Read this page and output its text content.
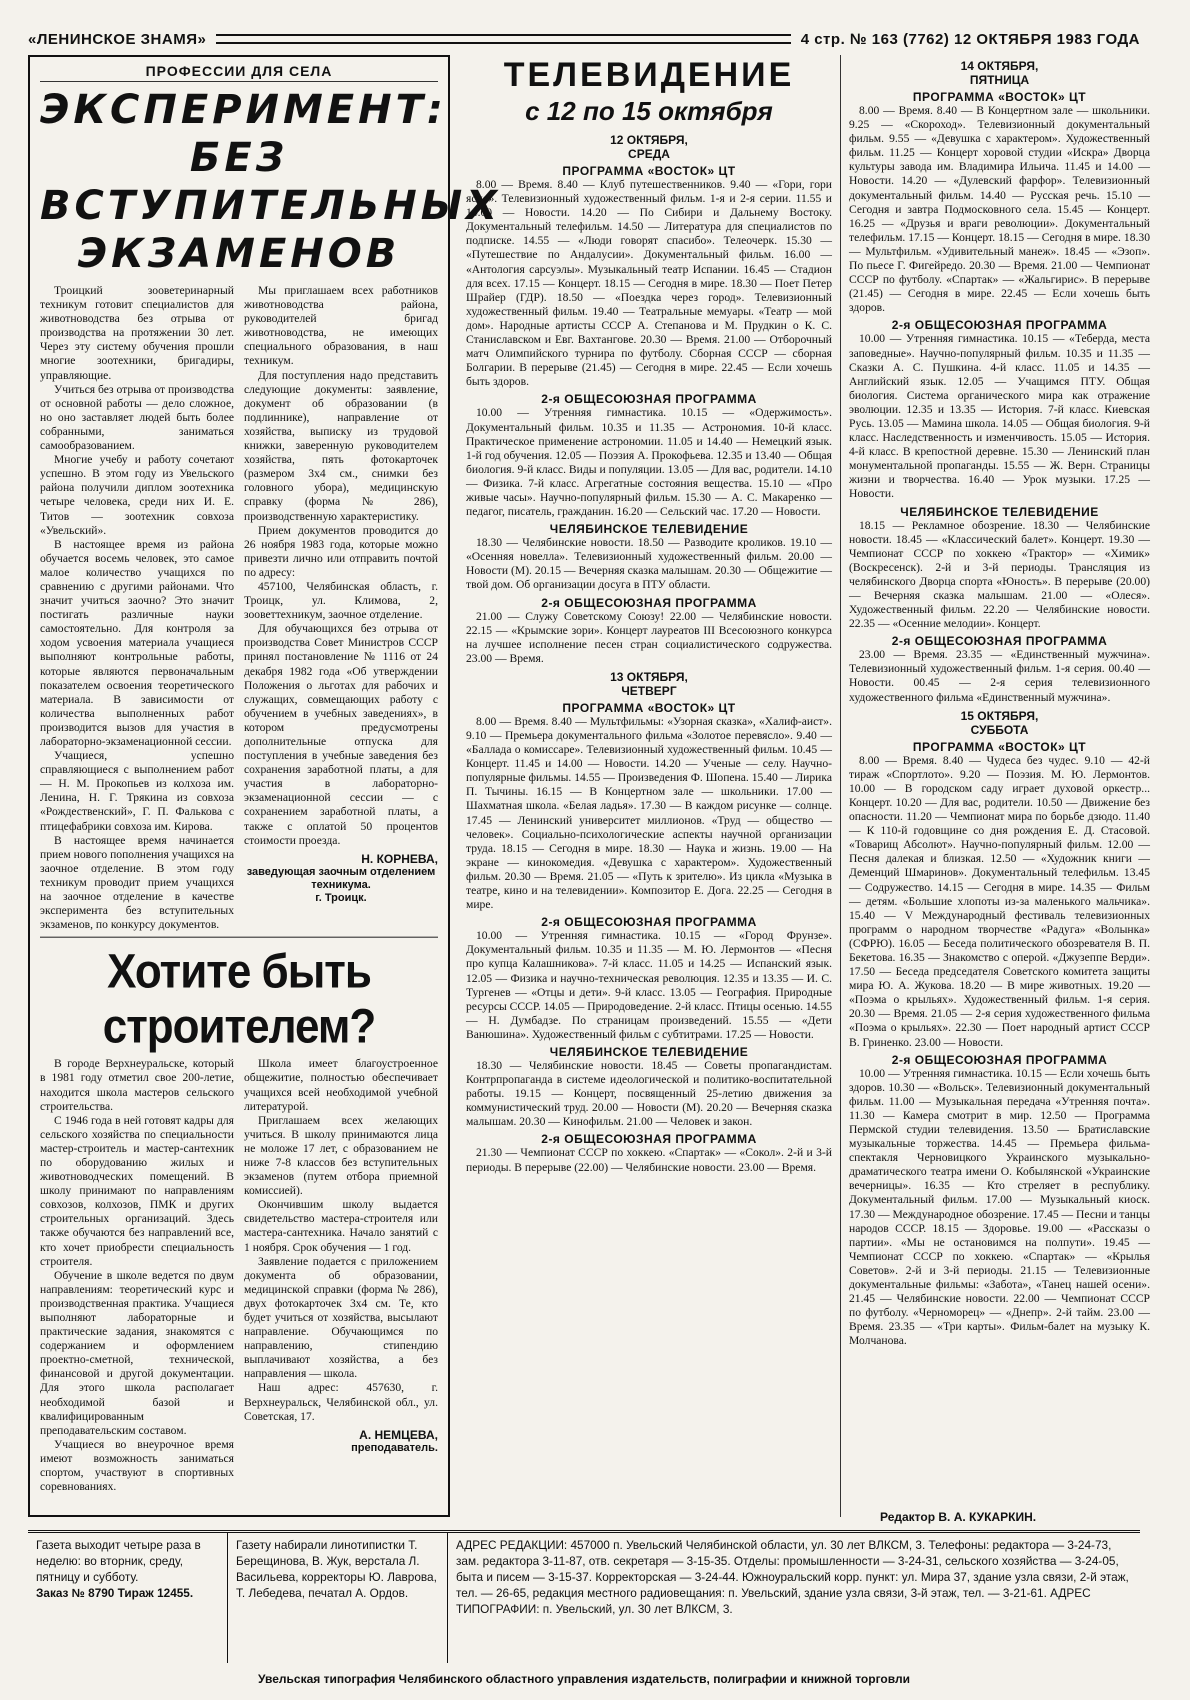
«ЛЕНИНСКОЕ ЗНАМЯ»	4 стр. № 163 (7762) 12 ОКТЯБРЯ 1983 ГОДА
ПРОФЕССИИ ДЛЯ СЕЛА
ЭКСПЕРИМЕНТ:
БЕЗ ВСТУПИТЕЛЬНЫХ
ЭКЗАМЕНОВ

Троицкий зооветеринарный техникум готовит специалистов для животноводства без отрыва от производства на протяжении 30 лет. Через эту систему обучения прошли многие зоотехники, бригадиры, управляющие.

Учиться без отрыва от производства от основной работы — дело сложное, но оно заставляет людей быть более собранными, заниматься самообразованием.

Многие учебу и работу сочетают успешно. В этом году из Увельского района получили диплом зоотехника четыре человека, среди них И. Е. Титов — зоотехник совхоза «Увельский».

В настоящее время из района обучается восемь человек, это самое малое количество учащихся по сравнению с другими районами. Что значит учиться заочно? Это значит постигать различные науки самостоятельно. Для контроля за ходом усвоения материала учащиеся выполняют контрольные работы, которые являются первоначальным показателем освоения теоретического материала. В зависимости от количества выполненных работ производится вызов для участия в лабораторно-экзаменационной сессии.

Учащиеся, успешно справляющиеся с выполнением работ — Н. М. Прокопьев из колхоза им. Ленина, Н. Г. Трякина из совхоза «Рождественский», Г. П. Фалькова с птицефабрики совхоза им. Кирова.

В настоящее время начинается прием нового пополнения учащихся на заочное отделение. В этом году техникум проводит прием учащихся на заочное отделение в качестве эксперимента без вступительных экзаменов, по конкурсу документов.

Мы приглашаем всех работников животноводства района, руководителей бригад животноводства, не имеющих специального образования, в наш техникум.

Для поступления надо представить следующие документы: заявление, документ об образовании (в подлиннике), направление от хозяйства, выписку из трудовой книжки, заверенную руководителем хозяйства, пять фотокарточек (размером 3х4 см., снимки без головного убора), медицинскую справку (форма № 286), производственную характеристику.

Прием документов проводится до 26 ноября 1983 года, которые можно привезти лично или отправить почтой по адресу:

457100, Челябинская область, г. Троицк, ул. Климова, 2, зооветтехникум, заочное отделение.

Для обучающихся без отрыва от производства Совет Министров СССР принял постановление № 1116 от 24 декабря 1982 года «Об утверждении Положения о льготах для рабочих и служащих, совмещающих работу с обучением в учебных заведениях», в котором предусмотрены дополнительные отпуска для поступления в учебные заведения без сохранения заработной платы, а для участия в лабораторно-экзаменационной сессии — с сохранением заработной платы, а также с оплатой 50 процентов стоимости проезда.

Н. КОРНЕВА,
заведующая заочным отделением техникума.
г. Троицк.
Хотите быть строителем?

В городе Верхнеуральске, который в 1981 году отметил свое 200-летие, находится школа мастеров сельского строительства.

С 1946 года в ней готовят кадры для сельского хозяйства по специальности мастер-строитель и мастер-сантехник по оборудованию жилых и животноводческих помещений. В школу принимают по направлениям совхозов, колхозов, ПМК и других строительных организаций. Здесь также обучаются без направлений все, кто хочет приобрести специальность строителя.

Обучение в школе ведется по двум направлениям: теоретический курс и производственная практика. Учащиеся выполняют лабораторные и практические задания, знакомятся с содержанием и оформлением проектно-сметной, технической, финансовой и другой документации. Для этого школа располагает необходимой базой и квалифицированным преподавательским составом.

Учащиеся во внеурочное время имеют возможность заниматься спортом, участвуют в спортивных соревнованиях.

Школа имеет благоустроенное общежитие, полностью обеспечивает учащихся всей необходимой учебной литературой.

Приглашаем всех желающих учиться. В школу принимаются лица не моложе 17 лет, с образованием не ниже 7-8 классов без вступительных экзаменов (путем отбора приемной комиссией).

Окончившим школу выдается свидетельство мастера-строителя или мастера-сантехника. Начало занятий с 1 ноября. Срок обучения — 1 год.

Заявление подается с приложением документа об образовании, медицинской справки (форма № 286), двух фотокарточек 3х4 см. Те, кто будет учиться от хозяйства, высылают направление. Обучающимся по направлению, стипендию выплачивают хозяйства, а без направления — школа.

Наш адрес: 457630, г. Верхнеуральск, Челябинской обл., ул. Советская, 17.

А. НЕМЦЕВА,
преподаватель.
ТЕЛЕВИДЕНИЕ
с 12 по 15 октября
12 ОКТЯБРЯ,
СРЕДА
ПРОГРАММА «ВОСТОК» ЦТ

8.00 — Время. 8.40 — Клуб путешественников. 9.40 — «Гори, гори ясно». Телевизионный художественный фильм. 1-я и 2-я серии. 11.55 и 14.00 — Новости. 14.20 — По Сибири и Дальнему Востоку. Документальный телефильм. 14.50 — Литература для специалистов по подписке. 14.55 — «Люди говорят спасибо». Телеочерк. 15.30 — «Путешествие по Андалусии». Документальный фильм. 16.00 — «Антология сарсуэлы». Музыкальный театр Испании. 16.45 — Стадион для всех. 17.15 — Концерт. 18.15 — Сегодня в мире. 18.30 — Поет Петер Шрайер (ГДР). 18.50 — «Поездка через город». Телевизионный художественный фильм. 19.40 — Театральные мемуары. «Театр — мой дом». Народные артисты СССР А. Степанова и М. Прудкин о К. С. Станиславском и Евг. Вахтангове. 20.30 — Время. 21.00 — Отборочный матч Олимпийского турнира по футболу. Сборная СССР — сборная Болгарии. В перерыве (21.45) — Сегодня в мире. 22.45 — Если хочешь быть здоров.

2-я ОБЩЕСОЮЗНАЯ ПРОГРАММА

10.00 — Утренняя гимнастика. 10.15 — «Одержимость». Документальный фильм. 10.35 и 11.35 — Астрономия. 10-й класс. Практическое применение астрономии. 11.05 и 14.40 — Немецкий язык. 1-й год обучения. 12.05 — Поэзия А. Прокофьева. 12.35 и 13.40 — Общая биология. 9-й класс. Виды и популяции. 13.05 — Для вас, родители. 14.10 — Физика. 7-й класс. Агрегатные состояния вещества. 15.10 — «Про живые часы». Научно-популярный фильм. 15.30 — А. С. Макаренко — педагог, писатель, гражданин. 16.20 — Сельский час. 17.20 — Новости.

ЧЕЛЯБИНСКОЕ ТЕЛЕВИДЕНИЕ

18.30 — Челябинские новости. 18.50 — Разводите кроликов. 19.10 — «Осенняя новелла». Телевизионный художественный фильм. 20.00 — Новости (М). 20.15 — Вечерняя сказка малышам. 20.30 — Общежитие — твой дом. Об организации досуга в ПТУ области.

2-я ОБЩЕСОЮЗНАЯ ПРОГРАММА

21.00 — Служу Советскому Союзу! 22.00 — Челябинские новости. 22.15 — «Крымские зори». Концерт лауреатов III Всесоюзного конкурса на лучшее исполнение песен стран социалистического содружества. 23.00 — Время.

13 ОКТЯБРЯ,
ЧЕТВЕРГ
ПРОГРАММА «ВОСТОК» ЦТ

8.00 — Время. 8.40 — Мультфильмы: «Узорная сказка», «Халиф-аист». 9.10 — Премьера документального фильма «Золотое перевясло». 9.40 — «Баллада о комиссаре». Телевизионный художественный фильм. 10.45 — Концерт. 11.45 и 14.00 — Новости. 14.20 — Ученые — селу. Научно-популярные фильмы. 14.55 — Произведения Ф. Шопена. 15.40 — Лирика П. Тычины. 16.15 — В Концертном зале — школьники. 17.00 — Шахматная школа. «Белая ладья». 17.30 — В каждом рисунке — солнце. 17.45 — Ленинский университет миллионов. «Труд — общество — человек». Социально-психологические аспекты научной организации труда. 18.15 — Сегодня в мире. 18.30 — Наука и жизнь. 19.00 — На экране — кинокомедия. «Девушка с характером». Художественный фильм. 20.30 — Время. 21.05 — «Путь к зрителю». Из цикла «Музыка в театре, кино и на телевидении». Композитор Е. Дога. 22.25 — Сегодня в мире.

2-я ОБЩЕСОЮЗНАЯ ПРОГРАММА

10.00 — Утренняя гимнастика. 10.15 — «Город Фрунзе». Документальный фильм. 10.35 и 11.35 — М. Ю. Лермонтов — «Песня про купца Калашникова». 7-й класс. 11.05 и 14.25 — Испанский язык. 12.05 — Физика и научно-техническая революция. 12.35 и 13.35 — И. С. Тургенев — «Отцы и дети». 9-й класс. 13.05 — География. Природные ресурсы СССР. 14.05 — Природоведение. 2-й класс. Птицы осенью. 14.55 — Н. Думбадзе. По страницам произведений. 15.55 — «Дети Ванюшина». Художественный фильм с субтитрами. 17.25 — Новости.

ЧЕЛЯБИНСКОЕ ТЕЛЕВИДЕНИЕ

18.30 — Челябинские новости. 18.45 — Советы пропагандистам. Контрпропаганда в системе идеологической и политико-воспитательной работы. 19.15 — Концерт, посвященный 25-летию движения за коммунистический труд. 20.00 — Новости (М). 20.20 — Вечерняя сказка малышам. 20.30 — Кинофильм. 21.00 — Человек и закон.

2-я ОБЩЕСОЮЗНАЯ ПРОГРАММА

21.30 — Чемпионат СССР по хоккею. «Спартак» — «Сокол». 2-й и 3-й периоды. В перерыве (22.00) — Челябинские новости. 23.00 — Время.

14 ОКТЯБРЯ,
ПЯТНИЦА
ПРОГРАММА «ВОСТОК» ЦТ

8.00 — Время. 8.40 — В Концертном зале — школьники. 9.25 — «Скороход». Телевизионный документальный фильм. 9.55 — «Девушка с характером». Художественный фильм. 11.25 — Концерт хоровой студии «Искра» Дворца культуры завода им. Владимира Ильича. 11.45 и 14.00 — Новости. 14.20 — «Дулевский фарфор». Телевизионный документальный фильм. 14.40 — Русская речь. 15.10 — Сегодня и завтра Подмосковного села. 15.45 — Концерт. 16.25 — «Друзья и враги революции». Документальный телефильм. 17.15 — Концерт. 18.15 — Сегодня в мире. 18.30 — Мультфильм. «Удивительный манеж». 18.45 — «Эзоп». По пьесе Г. Фигейредо. 20.30 — Время. 21.00 — Чемпионат СССР по футболу. «Спартак» — «Жальгирис». В перерыве (21.45) — Сегодня в мире. 22.45 — Если хочешь быть здоров.

2-я ОБЩЕСОЮЗНАЯ ПРОГРАММА

10.00 — Утренняя гимнастика. 10.15 — «Теберда, места заповедные». Научно-популярный фильм. 10.35 и 11.35 — Сказки А. С. Пушкина. 4-й класс. 11.05 и 14.35 — Английский язык. 12.05 — Учащимся ПТУ. Общая биология. Система органического мира как отражение эволюции. 12.35 и 13.35 — История. 7-й класс. Киевская Русь. 13.05 — Мамина школа. 14.05 — Общая биология. 9-й класс. Наследственность и изменчивость. 15.05 — История. 4-й класс. В крепостной деревне. 15.30 — Ленинский план монументальной пропаганды. 15.55 — Ж. Верн. Страницы жизни и творчества. 16.40 — Урок музыки. 17.25 — Новости.

ЧЕЛЯБИНСКОЕ ТЕЛЕВИДЕНИЕ

18.15 — Рекламное обозрение. 18.30 — Челябинские новости. 18.45 — «Классический балет». Концерт. 19.30 — Чемпионат СССР по хоккею «Трактор» — «Химик» (Воскресенск). 2-й и 3-й периоды. Трансляция из челябинского Дворца спорта «Юность». В перерыве (20.00) — Вечерняя сказка малышам. 21.00 — «Олеся». Художественный фильм. 22.20 — Челябинские новости. 22.35 — «Осенние мелодии». Концерт.

2-я ОБЩЕСОЮЗНАЯ ПРОГРАММА

23.00 — Время. 23.35 — «Единственный мужчина». Телевизионный художественный фильм. 1-я серия. 00.40 — Новости. 00.45 — 2-я серия телевизионного художественного фильма «Единственный мужчина».

15 ОКТЯБРЯ,
СУББОТА
ПРОГРАММА «ВОСТОК» ЦТ

8.00 — Время. 8.40 — Чудеса без чудес. 9.10 — 42-й тираж «Спортлото». 9.20 — Поэзия. М. Ю. Лермонтов. 10.00 — В городском саду играет духовой оркестр... Концерт. 10.20 — Для вас, родители. 10.50 — Движение без опасности. 11.20 — Чемпионат мира по борьбе дзюдо. 11.40 — К 110-й годовщине со дня рождения Е. Д. Стасовой. «Товарищ Абсолют». Научно-популярный фильм. 12.00 — Песня далекая и близкая. 12.50 — «Художник книги — Деменций Шмаринов». Документальный телефильм. 13.45 — Содружество. 14.15 — Сегодня в мире. 14.35 — Фильм — детям. «Большие хлопоты из-за маленького мальчика». 15.40 — V Международный фестиваль телевизионных программ о народном творчестве «Радуга» «Волынка» (СФРЮ). 16.05 — Беседа политического обозревателя В. П. Бекетова. 16.35 — Знакомство с оперой. «Джузеппе Верди». 17.50 — Беседа председателя Советского комитета защиты мира Ю. А. Жукова. 18.20 — В мире животных. 19.20 — «Поэма о крыльях». Художественный фильм. 1-я серия. 20.30 — Время. 21.05 — 2-я серия художественного фильма «Поэма о крыльях». 22.30 — Поет народный артист СССР В. Гриненко. 23.00 — Новости.

2-я ОБЩЕСОЮЗНАЯ ПРОГРАММА

10.00 — Утренняя гимнастика. 10.15 — Если хочешь быть здоров. 10.30 — «Вольск». Телевизионный документальный фильм. 11.00 — Музыкальная передача «Утренняя почта». 11.30 — Камера смотрит в мир. 12.50 — Программа Пермской студии телевидения. 13.50 — Братиславские музыкальные торжества. 14.45 — Премьера фильма-спектакля Черновицкого Украинского музыкально-драматического театра имени О. Кобылянской «Украинские вечерницы». 16.35 — Кто стреляет в республику. Документальный фильм. 17.00 — Музыкальный киоск. 17.30 — Международное обозрение. 17.45 — Песни и танцы народов СССР. 18.15 — Здоровье. 19.00 — «Рассказы о партии». «Мы не остановимся на полпути». 19.45 — Чемпионат СССР по хоккею. «Спартак» — «Крылья Советов». 2-й и 3-й периоды. 21.15 — Телевизионные документальные фильмы: «Забота», «Танец нашей осени». 21.45 — Челябинские новости. 22.00 — Чемпионат СССР по футболу. «Черноморец» — «Днепр». 2-й тайм. 23.00 — Время. 23.35 — «Три карты». Фильм-балет на музыку К. Молчанова.

Редактор В. А. КУКАРКИН.
Газета выходит четыре раза в неделю: во вторник, среду, пятницу и субботу.
Заказ № 8790 Тираж 12455.
Газету набирали линотипистки Т. Берещинова, В. Жук, верстала Л. Васильева, корректоры Ю. Лаврова, Т. Лебедева, печатал А. Ордов.
АДРЕС РЕДАКЦИИ: 457000 п. Увельский Челябинской области, ул. 30 лет ВЛКСМ, 3. Телефоны: редактора — 3-24-73, зам. редактора 3-11-87, отв. секретаря — 3-15-35. Отделы: промышленности — 3-24-31, сельского хозяйства — 3-24-05, быта и писем — 3-15-37. Корректорская — 3-24-44. Южноуральский корр. пункт: ул. Мира 37, здание узла связи, 2-й этаж, тел. — 26-65, редакция местного радиовещания: п. Увельский, здание узла связи, 3-й этаж, тел. — 3-21-61. АДРЕС ТИПОГРАФИИ: п. Увельский, ул. 30 лет ВЛКСМ, 3.
Увельская типография Челябинского областного управления издательств, полиграфии и книжной торговли
